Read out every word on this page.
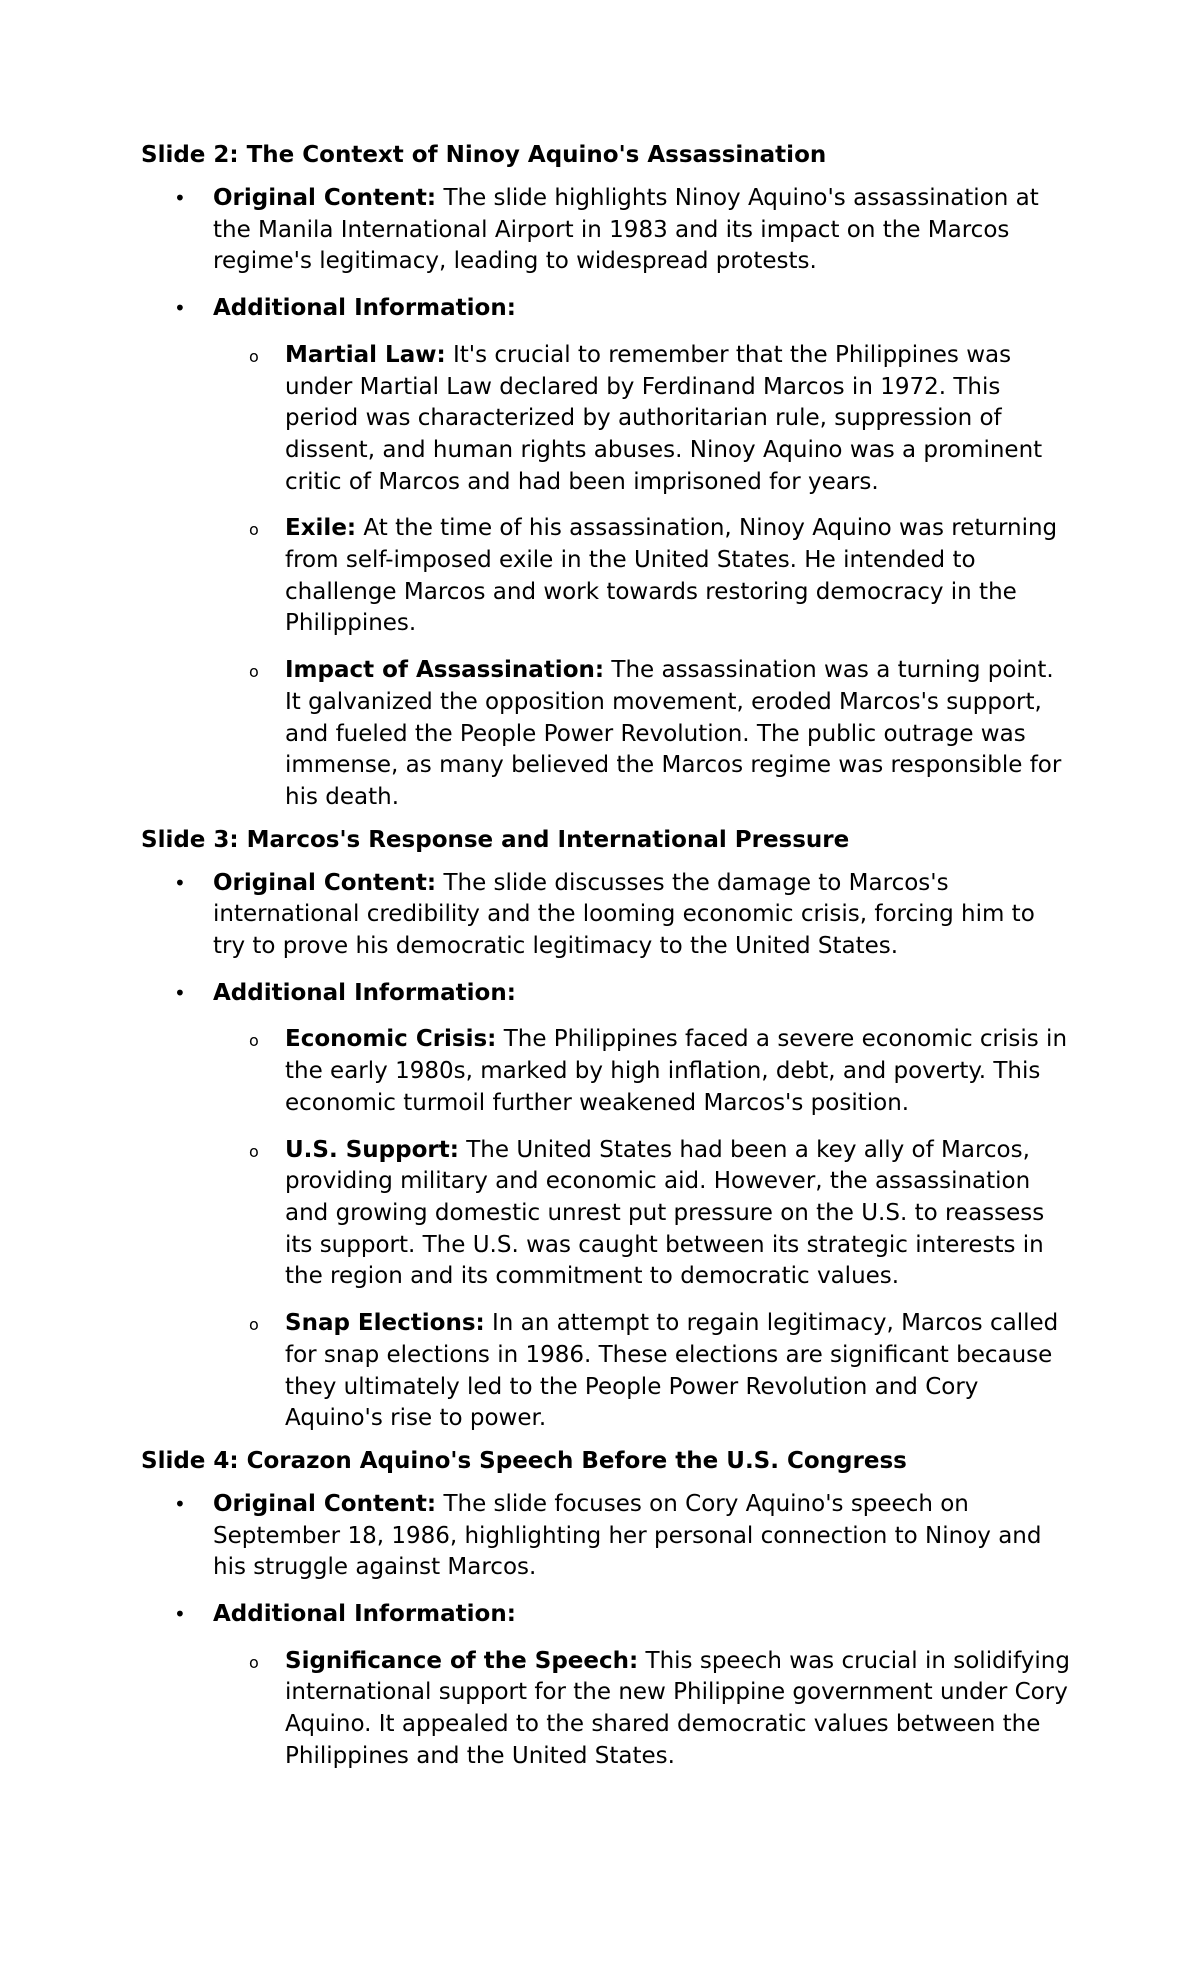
Slide 2: The Context of Ninoy Aquino's Assassination
• Original Content: The slide highlights Ninoy Aquino's assassination at the Manila International Airport in 1983 and its impact on the Marcos regime's legitimacy, leading to widespread protests.
• Additional Information:
o Martial Law: It's crucial to remember that the Philippines was under Martial Law declared by Ferdinand Marcos in 1972. This period was characterized by authoritarian rule, suppression of dissent, and human rights abuses. Ninoy Aquino was a prominent critic of Marcos and had been imprisoned for years.
o Exile: At the time of his assassination, Ninoy Aquino was returning from self-imposed exile in the United States. He intended to challenge Marcos and work towards restoring democracy in the Philippines.
o Impact of Assassination: The assassination was a turning point. It galvanized the opposition movement, eroded Marcos's support, and fueled the People Power Revolution. The public outrage was immense, as many believed the Marcos regime was responsible for his death.
Slide 3: Marcos's Response and International Pressure
• Original Content: The slide discusses the damage to Marcos's international credibility and the looming economic crisis, forcing him to try to prove his democratic legitimacy to the United States.
• Additional Information:
o Economic Crisis: The Philippines faced a severe economic crisis in the early 1980s, marked by high inflation, debt, and poverty. This economic turmoil further weakened Marcos's position.
o U.S. Support: The United States had been a key ally of Marcos, providing military and economic aid. However, the assassination and growing domestic unrest put pressure on the U.S. to reassess its support. The U.S. was caught between its strategic interests in the region and its commitment to democratic values.
o Snap Elections: In an attempt to regain legitimacy, Marcos called for snap elections in 1986. These elections are significant because they ultimately led to the People Power Revolution and Cory Aquino's rise to power.
Slide 4: Corazon Aquino's Speech Before the U.S. Congress
• Original Content: The slide focuses on Cory Aquino's speech on September 18, 1986, highlighting her personal connection to Ninoy and his struggle against Marcos.
• Additional Information:
o Significance of the Speech: This speech was crucial in solidifying international support for the new Philippine government under Cory Aquino. It appealed to the shared democratic values between the Philippines and the United States.
